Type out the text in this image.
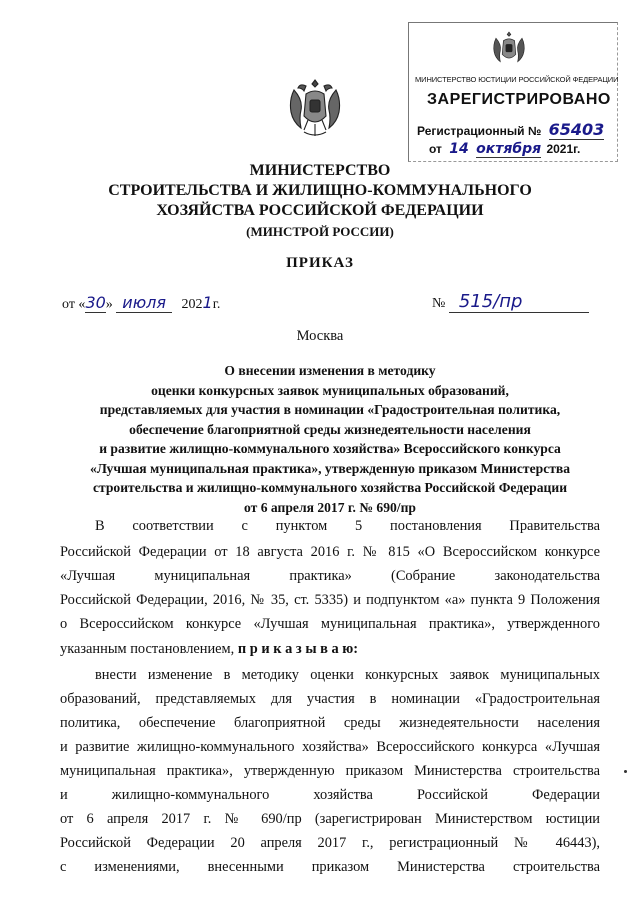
МИНИСТЕРСТВО ЮСТИЦИИ РОССИЙСКОЙ ФЕДЕРАЦИИ
ЗАРЕГИСТРИРОВАНО
Регистрационный № 65403
от 14 октября 2021г.
МИНИСТЕРСТВО
СТРОИТЕЛЬСТВА И ЖИЛИЩНО-КОММУНАЛЬНОГО
ХОЗЯЙСТВА РОССИЙСКОЙ ФЕДЕРАЦИИ
(МИНСТРОЙ РОССИИ)
ПРИКАЗ
от «30» июля 2021г.	№ 515/пр
Москва
О внесении изменения в методику
оценки конкурсных заявок муниципальных образований,
представляемых для участия в номинации «Градостроительная политика,
обеспечение благоприятной среды жизнедеятельности населения
и развитие жилищно-коммунального хозяйства» Всероссийского конкурса
«Лучшая муниципальная практика», утвержденную приказом Министерства
строительства и жилищно-коммунального хозяйства Российской Федерации
от 6 апреля 2017 г. № 690/пр
В соответствии с пунктом 5 постановления Правительства
Российской Федерации от 18 августа 2016 г. № 815 «О Всероссийском конкурсе
«Лучшая муниципальная практика» (Собрание законодательства
Российской Федерации, 2016, № 35, ст. 5335) и подпунктом «а» пункта 9 Положения
о Всероссийском конкурсе «Лучшая муниципальная практика», утвержденного
указанным постановлением, п р и к а з ы в а ю:
внести изменение в методику оценки конкурсных заявок муниципальных
образований, представляемых для участия в номинации «Градостроительная
политика, обеспечение благоприятной среды жизнедеятельности населения
и развитие жилищно-коммунального хозяйства» Всероссийского конкурса «Лучшая
муниципальная практика», утвержденную приказом Министерства строительства
и жилищно-коммунального хозяйства Российской Федерации
от 6 апреля 2017 г. № 690/пр (зарегистрирован Министерством юстиции
Российской Федерации 20 апреля 2017 г., регистрационный № 46443),
с изменениями, внесенными приказом Министерства строительства
